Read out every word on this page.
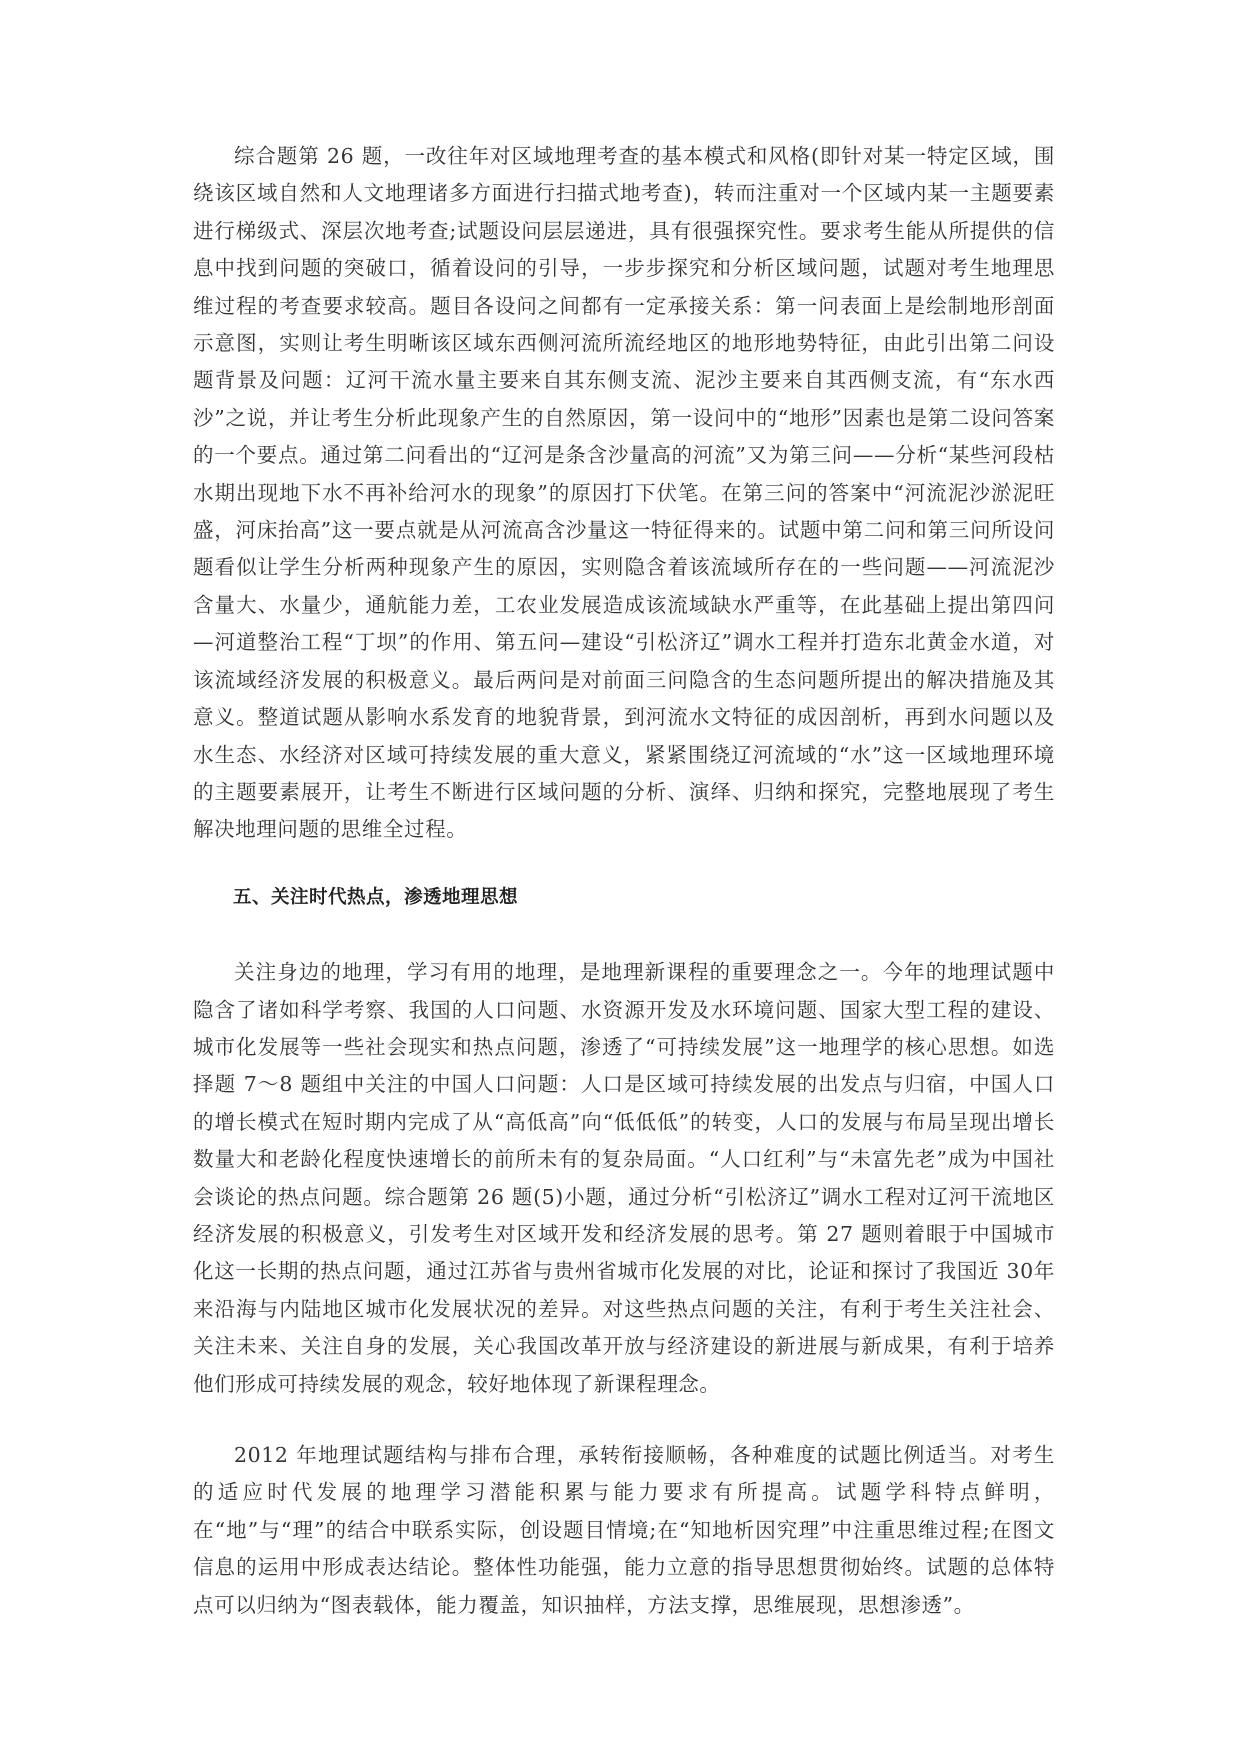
综合题第 26 题，一改往年对区域地理考查的基本模式和风格(即针对某一特定区域，围绕该区域自然和人文地理诸多方面进行扫描式地考查)，转而注重对一个区域内某一主题要素进行梯级式、深层次地考查;试题设问层层递进，具有很强探究性。要求考生能从所提供的信息中找到问题的突破口，循着设问的引导，一步步探究和分析区域问题，试题对考生地理思维过程的考查要求较高。题目各设问之间都有一定承接关系：第一问表面上是绘制地形剖面示意图，实则让考生明晰该区域东西侧河流所流经地区的地形地势特征，由此引出第二问设题背景及问题：辽河干流水量主要来自其东侧支流、泥沙主要来自其西侧支流，有“东水西沙”之说，并让考生分析此现象产生的自然原因，第一设问中的“地形”因素也是第二设问答案的一个要点。通过第二问看出的“辽河是条含沙量高的河流”又为第三问——分析“某些河段枯水期出现地下水不再补给河水的现象”的原因打下伏笔。在第三问的答案中“河流泥沙淤泥旺盛，河床抬高”这一要点就是从河流高含沙量这一特征得来的。试题中第二问和第三问所设问题看似让学生分析两种现象产生的原因，实则隐含着该流域所存在的一些问题——河流泥沙含量大、水量少，通航能力差，工农业发展造成该流域缺水严重等，在此基础上提出第四问—河道整治工程“丁坝”的作用、第五问—建设“引松济辽”调水工程并打造东北黄金水道，对该流域经济发展的积极意义。最后两问是对前面三问隐含的生态问题所提出的解决措施及其意义。整道试题从影响水系发育的地貌背景，到河流水文特征的成因剖析，再到水问题以及水生态、水经济对区域可持续发展的重大意义，紧紧围绕辽河流域的“水”这一区域地理环境的主题要素展开，让考生不断进行区域问题的分析、演绎、归纳和探究，完整地展现了考生解决地理问题的思维全过程。

五、关注时代热点，渗透地理思想

关注身边的地理，学习有用的地理，是地理新课程的重要理念之一。今年的地理试题中隐含了诸如科学考察、我国的人口问题、水资源开发及水环境问题、国家大型工程的建设、城市化发展等一些社会现实和热点问题，渗透了“可持续发展”这一地理学的核心思想。如选择题 7～8 题组中关注的中国人口问题：人口是区域可持续发展的出发点与归宿，中国人口的增长模式在短时期内完成了从“高低高”向“低低低”的转变，人口的发展与布局呈现出增长数量大和老龄化程度快速增长的前所未有的复杂局面。“人口红利”与“未富先老”成为中国社会谈论的热点问题。综合题第 26 题(5)小题，通过分析“引松济辽”调水工程对辽河干流地区经济发展的积极意义，引发考生对区域开发和经济发展的思考。第 27 题则着眼于中国城市化这一长期的热点问题，通过江苏省与贵州省城市化发展的对比，论证和探讨了我国近 30年来沿海与内陆地区城市化发展状况的差异。对这些热点问题的关注，有利于考生关注社会、关注未来、关注自身的发展，关心我国改革开放与经济建设的新进展与新成果，有利于培养他们形成可持续发展的观念，较好地体现了新课程理念。

2012 年地理试题结构与排布合理，承转衔接顺畅，各种难度的试题比例适当。对考生的适应时代发展的地理学习潜能积累与能力要求有所提高。试题学科特点鲜明，在“地”与“理”的结合中联系实际，创设题目情境;在“知地析因究理”中注重思维过程;在图文信息的运用中形成表达结论。整体性功能强，能力立意的指导思想贯彻始终。试题的总体特点可以归纳为“图表载体，能力覆盖，知识抽样，方法支撑，思维展现，思想渗透”。
